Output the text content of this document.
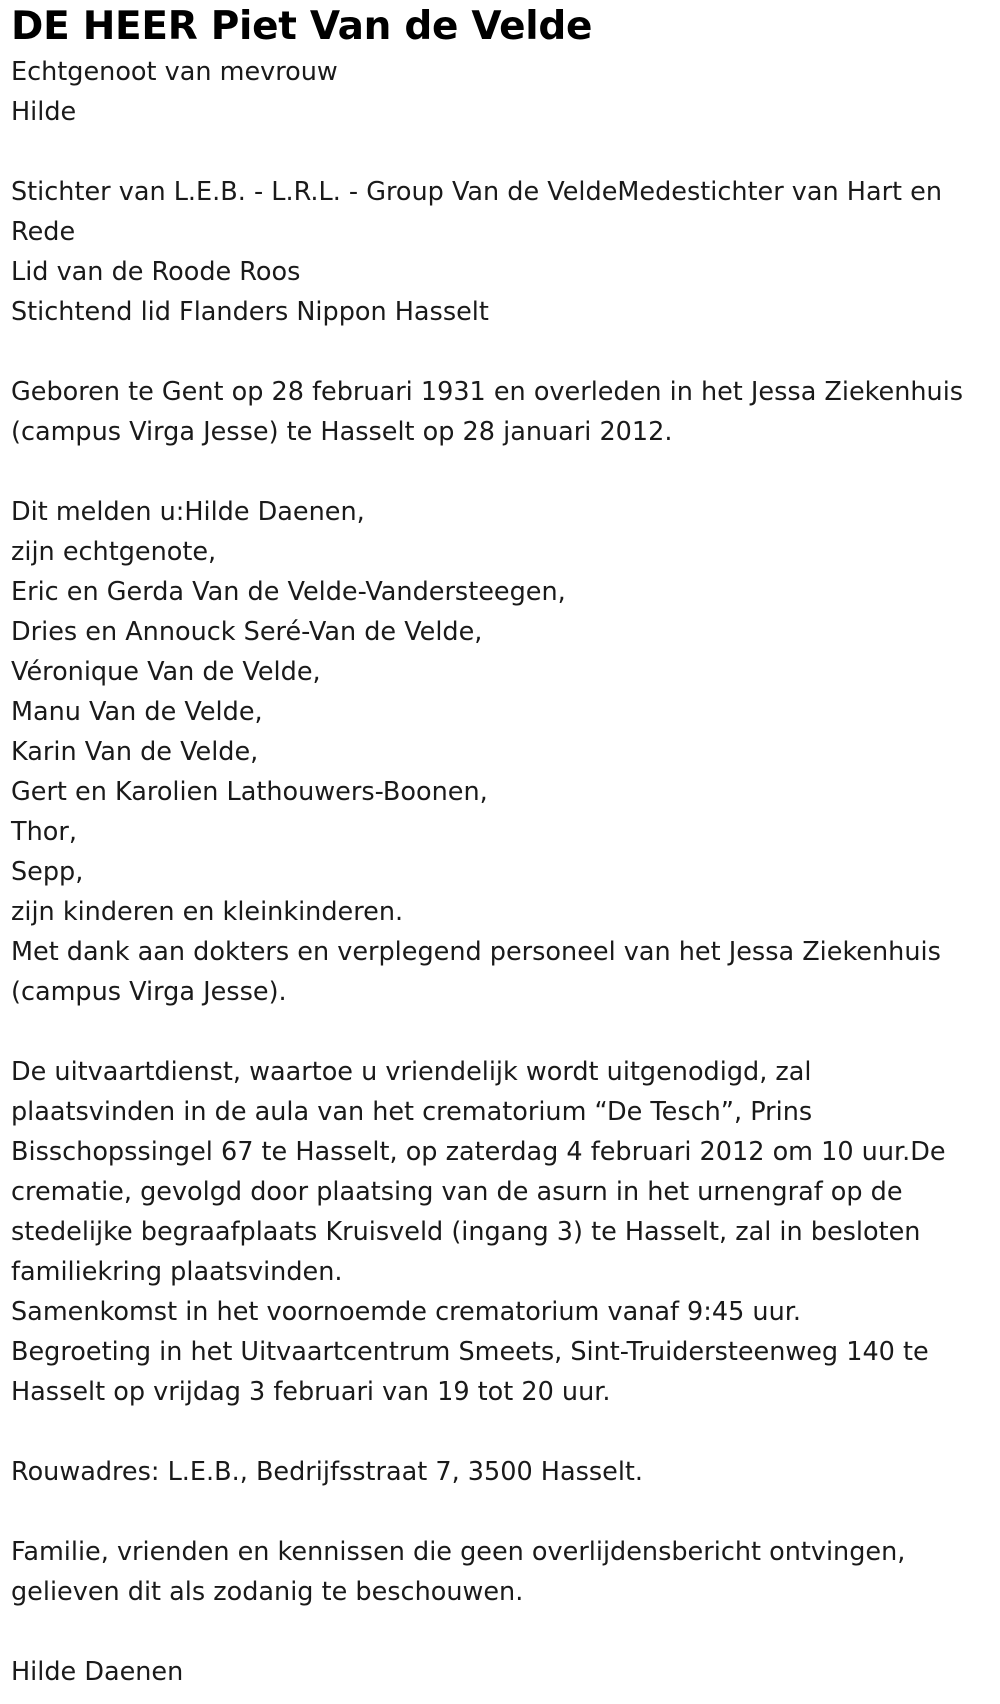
DE HEER Piet Van de Velde
Echtgenoot van mevrouw
Hilde
Stichter van L.E.B. - L.R.L. - Group Van de VeldeMedestichter van Hart en
Rede
Lid van de Roode Roos
Stichtend lid Flanders Nippon Hasselt
Geboren te Gent op 28 februari 1931 en overleden in het Jessa Ziekenhuis
(campus Virga Jesse) te Hasselt op 28 januari 2012.
Dit melden u:Hilde Daenen,
zijn echtgenote,
Eric en Gerda Van de Velde-Vandersteegen,
Dries en Annouck Seré-Van de Velde,
Véronique Van de Velde,
Manu Van de Velde,
Karin Van de Velde,
Gert en Karolien Lathouwers-Boonen,
Thor,
Sepp,
zijn kinderen en kleinkinderen.
Met dank aan dokters en verplegend personeel van het Jessa Ziekenhuis
(campus Virga Jesse).
De uitvaartdienst, waartoe u vriendelijk wordt uitgenodigd, zal
plaatsvinden in de aula van het crematorium “De Tesch”, Prins
Bisschopssingel 67 te Hasselt, op zaterdag 4 februari 2012 om 10 uur.De
crematie, gevolgd door plaatsing van de asurn in het urnengraf op de
stedelijke begraafplaats Kruisveld (ingang 3) te Hasselt, zal in besloten
familiekring plaatsvinden.
Samenkomst in het voornoemde crematorium vanaf 9:45 uur.
Begroeting in het Uitvaartcentrum Smeets, Sint-Truidersteenweg 140 te
Hasselt op vrijdag 3 februari van 19 tot 20 uur.
Rouwadres: L.E.B., Bedrijfsstraat 7, 3500 Hasselt.
Familie, vrienden en kennissen die geen overlijdensbericht ontvingen,
gelieven dit als zodanig te beschouwen.
Hilde Daenen
